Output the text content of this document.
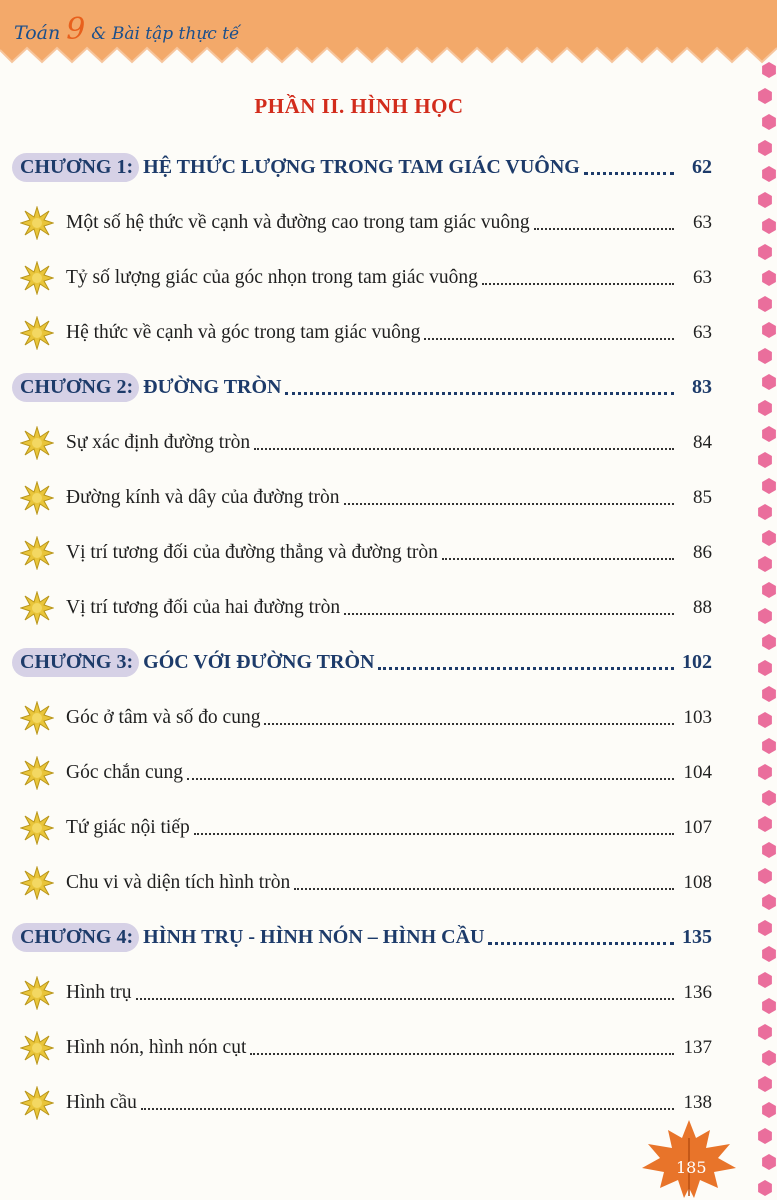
Toán 9 & Bài tập thực tế
PHẦN II. HÌNH HỌC
CHƯƠNG 1: HỆ THỨC LƯỢNG TRONG TAM GIÁC VUÔNG	62
Một số hệ thức về cạnh và đường cao trong tam giác vuông	63
Tỷ số lượng giác của góc nhọn trong tam giác vuông	63
Hệ thức về cạnh và góc trong tam giác vuông	63
CHƯƠNG 2: ĐƯỜNG TRÒN	83
Sự xác định đường tròn	84
Đường kính và dây của đường tròn	85
Vị trí tương đối của đường thẳng và đường tròn	86
Vị trí tương đối của hai đường tròn	88
CHƯƠNG 3: GÓC VỚI ĐƯỜNG TRÒN	102
Góc ở tâm và số đo cung	103
Góc chắn cung	104
Tứ giác nội tiếp	107
Chu vi và diện tích hình tròn	108
CHƯƠNG 4: HÌNH TRỤ - HÌNH NÓN – HÌNH CẦU	135
Hình trụ	136
Hình nón, hình nón cụt	137
Hình cầu	138
185
